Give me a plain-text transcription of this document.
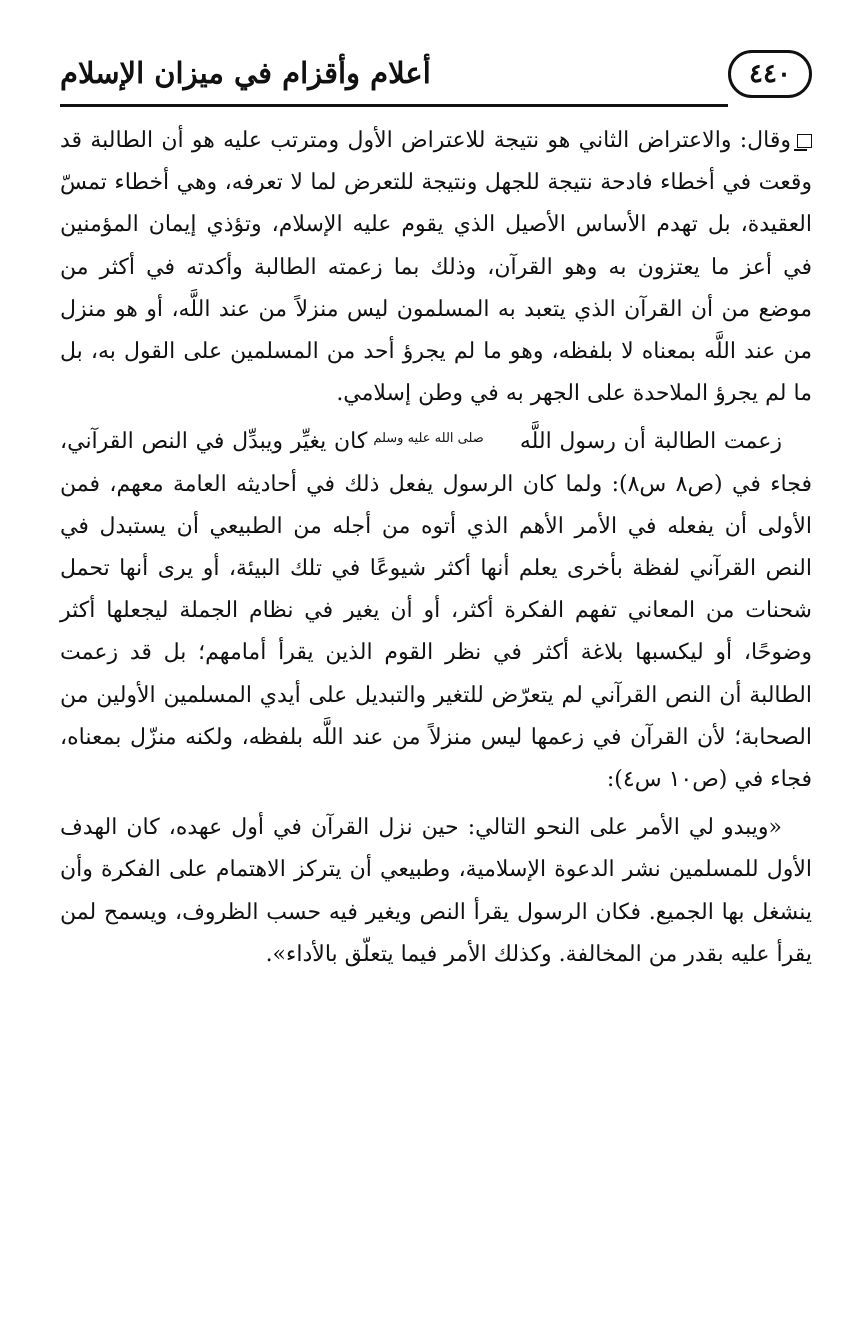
أعلام وأقزام في ميزان الإسلام	٤٤٠

وقال: والاعتراض الثاني هو نتيجة للاعتراض الأول ومترتب عليه هو أن الطالبة قد وقعت في أخطاء فادحة نتيجة للجهل ونتيجة للتعرض لما لا تعرفه، وهي أخطاء تمسّ العقيدة، بل تهدم الأساس الأصيل الذي يقوم عليه الإسلام، وتؤذي إيمان المؤمنين في أعز ما يعتزون به وهو القرآن، وذلك بما زعمته الطالبة وأكدته في أكثر من موضع من أن القرآن الذي يتعبد به المسلمون ليس منزلاً من عند اللَّه، أو هو منزل من عند اللَّه بمعناه لا بلفظه، وهو ما لم يجرؤ أحد من المسلمين على القول به، بل ما لم يجرؤ الملاحدة على الجهر به في وطن إسلامي.

زعمت الطالبة أن رسول اللَّهصلى الله عليه وسلمكان يغيِّر ويبدِّل في النص القرآني، فجاء في (ص٨ س٨): ولما كان الرسول يفعل ذلك في أحاديثه العامة معهم، فمن الأولى أن يفعله في الأمر الأهم الذي أتوه من أجله من الطبيعي أن يستبدل في النص القرآني لفظة بأخرى يعلم أنها أكثر شيوعًا في تلك البيئة، أو يرى أنها تحمل شحنات من المعاني تفهم الفكرة أكثر، أو أن يغير في نظام الجملة ليجعلها أكثر وضوحًا، أو ليكسبها بلاغة أكثر في نظر القوم الذين يقرأ أمامهم؛ بل قد زعمت الطالبة أن النص القرآني لم يتعرّض للتغير والتبديل على أيدي المسلمين الأولين من الصحابة؛ لأن القرآن في زعمها ليس منزلاً من عند اللَّه بلفظه، ولكنه منزّل بمعناه، فجاء في (ص١٠ س٤):

«ويبدو لي الأمر على النحو التالي: حين نزل القرآن في أول عهده، كان الهدف الأول للمسلمين نشر الدعوة الإسلامية، وطبيعي أن يتركز الاهتمام على الفكرة وأن ينشغل بها الجميع. فكان الرسول يقرأ النص ويغير فيه حسب الظروف، ويسمح لمن يقرأ عليه بقدر من المخالفة. وكذلك الأمر فيما يتعلّق بالأداء».
